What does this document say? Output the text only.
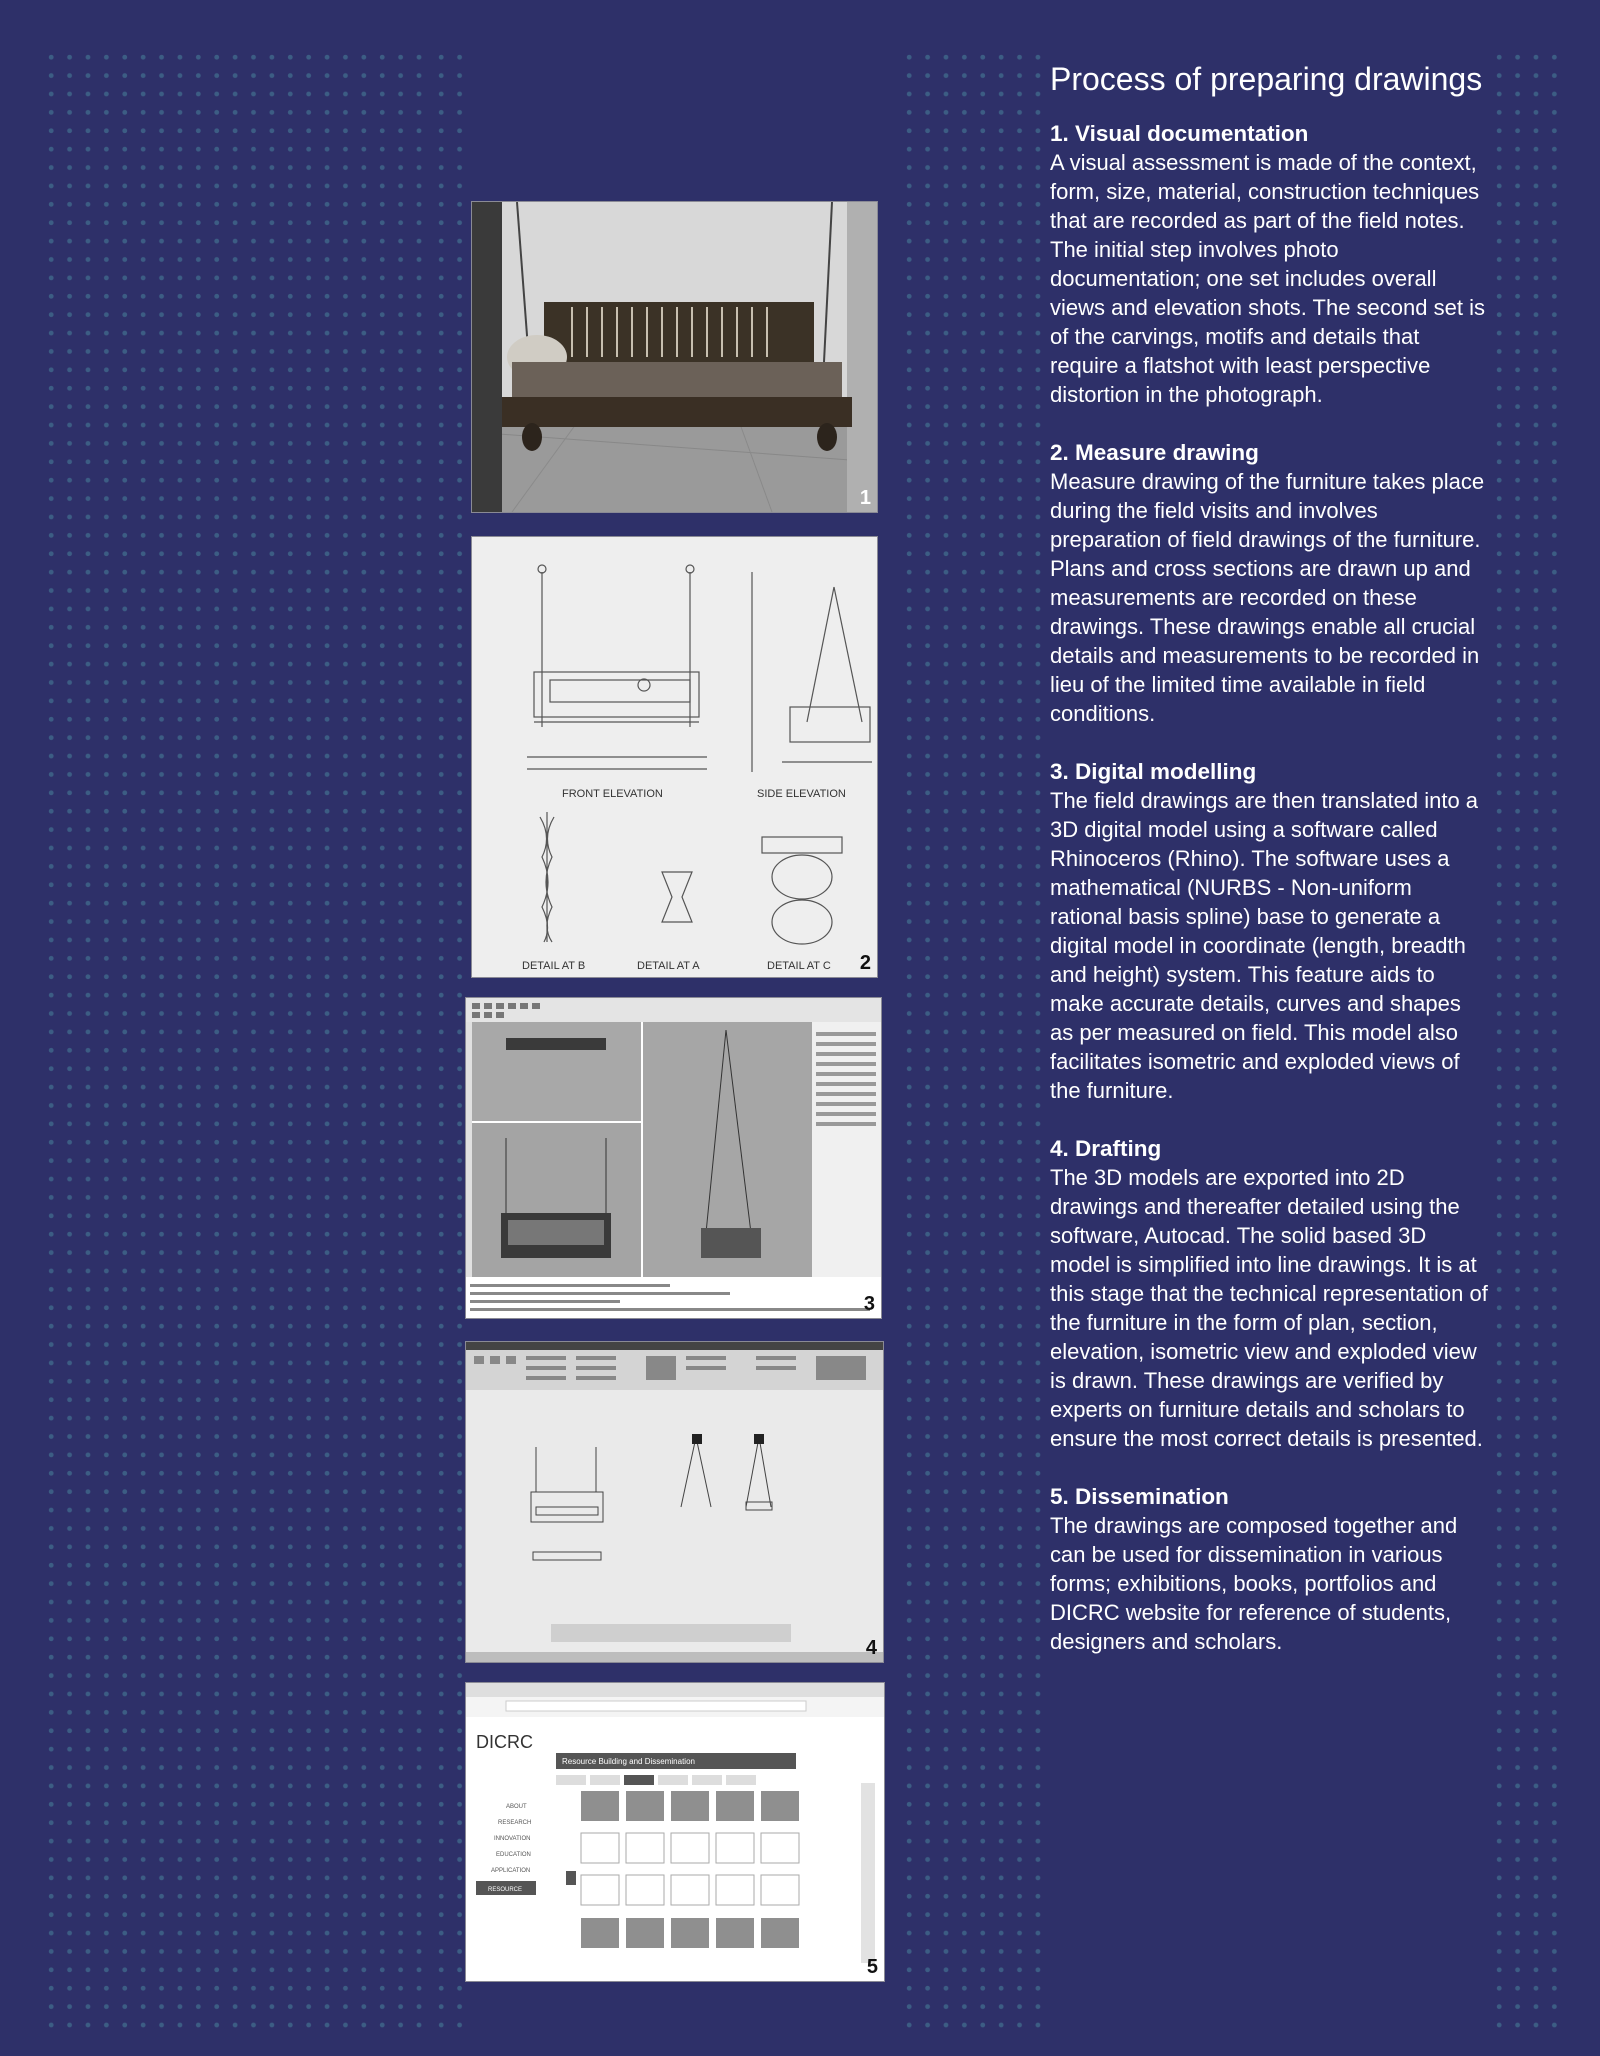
1
FRONT ELEVATION	SIDE ELEVATION
DETAIL AT B	DETAIL AT A	DETAIL AT C 2
3
4
DICRC
ABOUT
RESEARCH
INNOVATION
EDUCATION
APPLICATION
RESOURCE
Resource Building and Dissemination
5
Process of preparing drawings
1. Visual documentation

A visual assessment is made of the context, form, size, material, construction techniques that are recorded as part of the field notes. The initial step involves photo documentation; one set includes overall views and elevation shots. The second set is of the carvings, motifs and details that require a flatshot with least perspective distortion in the photograph.

2. Measure drawing

Measure drawing of the furniture takes place during the field visits and involves preparation of field drawings of the furniture. Plans and cross sections are drawn up and measurements are recorded on these drawings. These drawings enable all crucial details and measurements to be recorded in lieu of the limited time available in field conditions.

3. Digital modelling

The field drawings are then translated into a 3D digital model using a software called Rhinoceros (Rhino). The software uses a mathematical (NURBS - Non-uniform rational basis spline) base to generate a digital model in coordinate (length, breadth and height) system. This feature aids to make accurate details, curves and shapes as per measured on field. This model also facilitates isometric and exploded views of the furniture.

4. Drafting

The 3D models are exported into 2D drawings and thereafter detailed using the software, Autocad. The solid based 3D model is simplified into line drawings. It is at this stage that the technical representation of the furniture in the form of plan, section, elevation, isometric view and exploded view is drawn. These drawings are verified by experts on furniture details and scholars to ensure the most correct details is presented.

5. Dissemination

The drawings are composed together and can be used for dissemination in various forms; exhibitions, books, portfolios and DICRC website for reference of students, designers and scholars.
